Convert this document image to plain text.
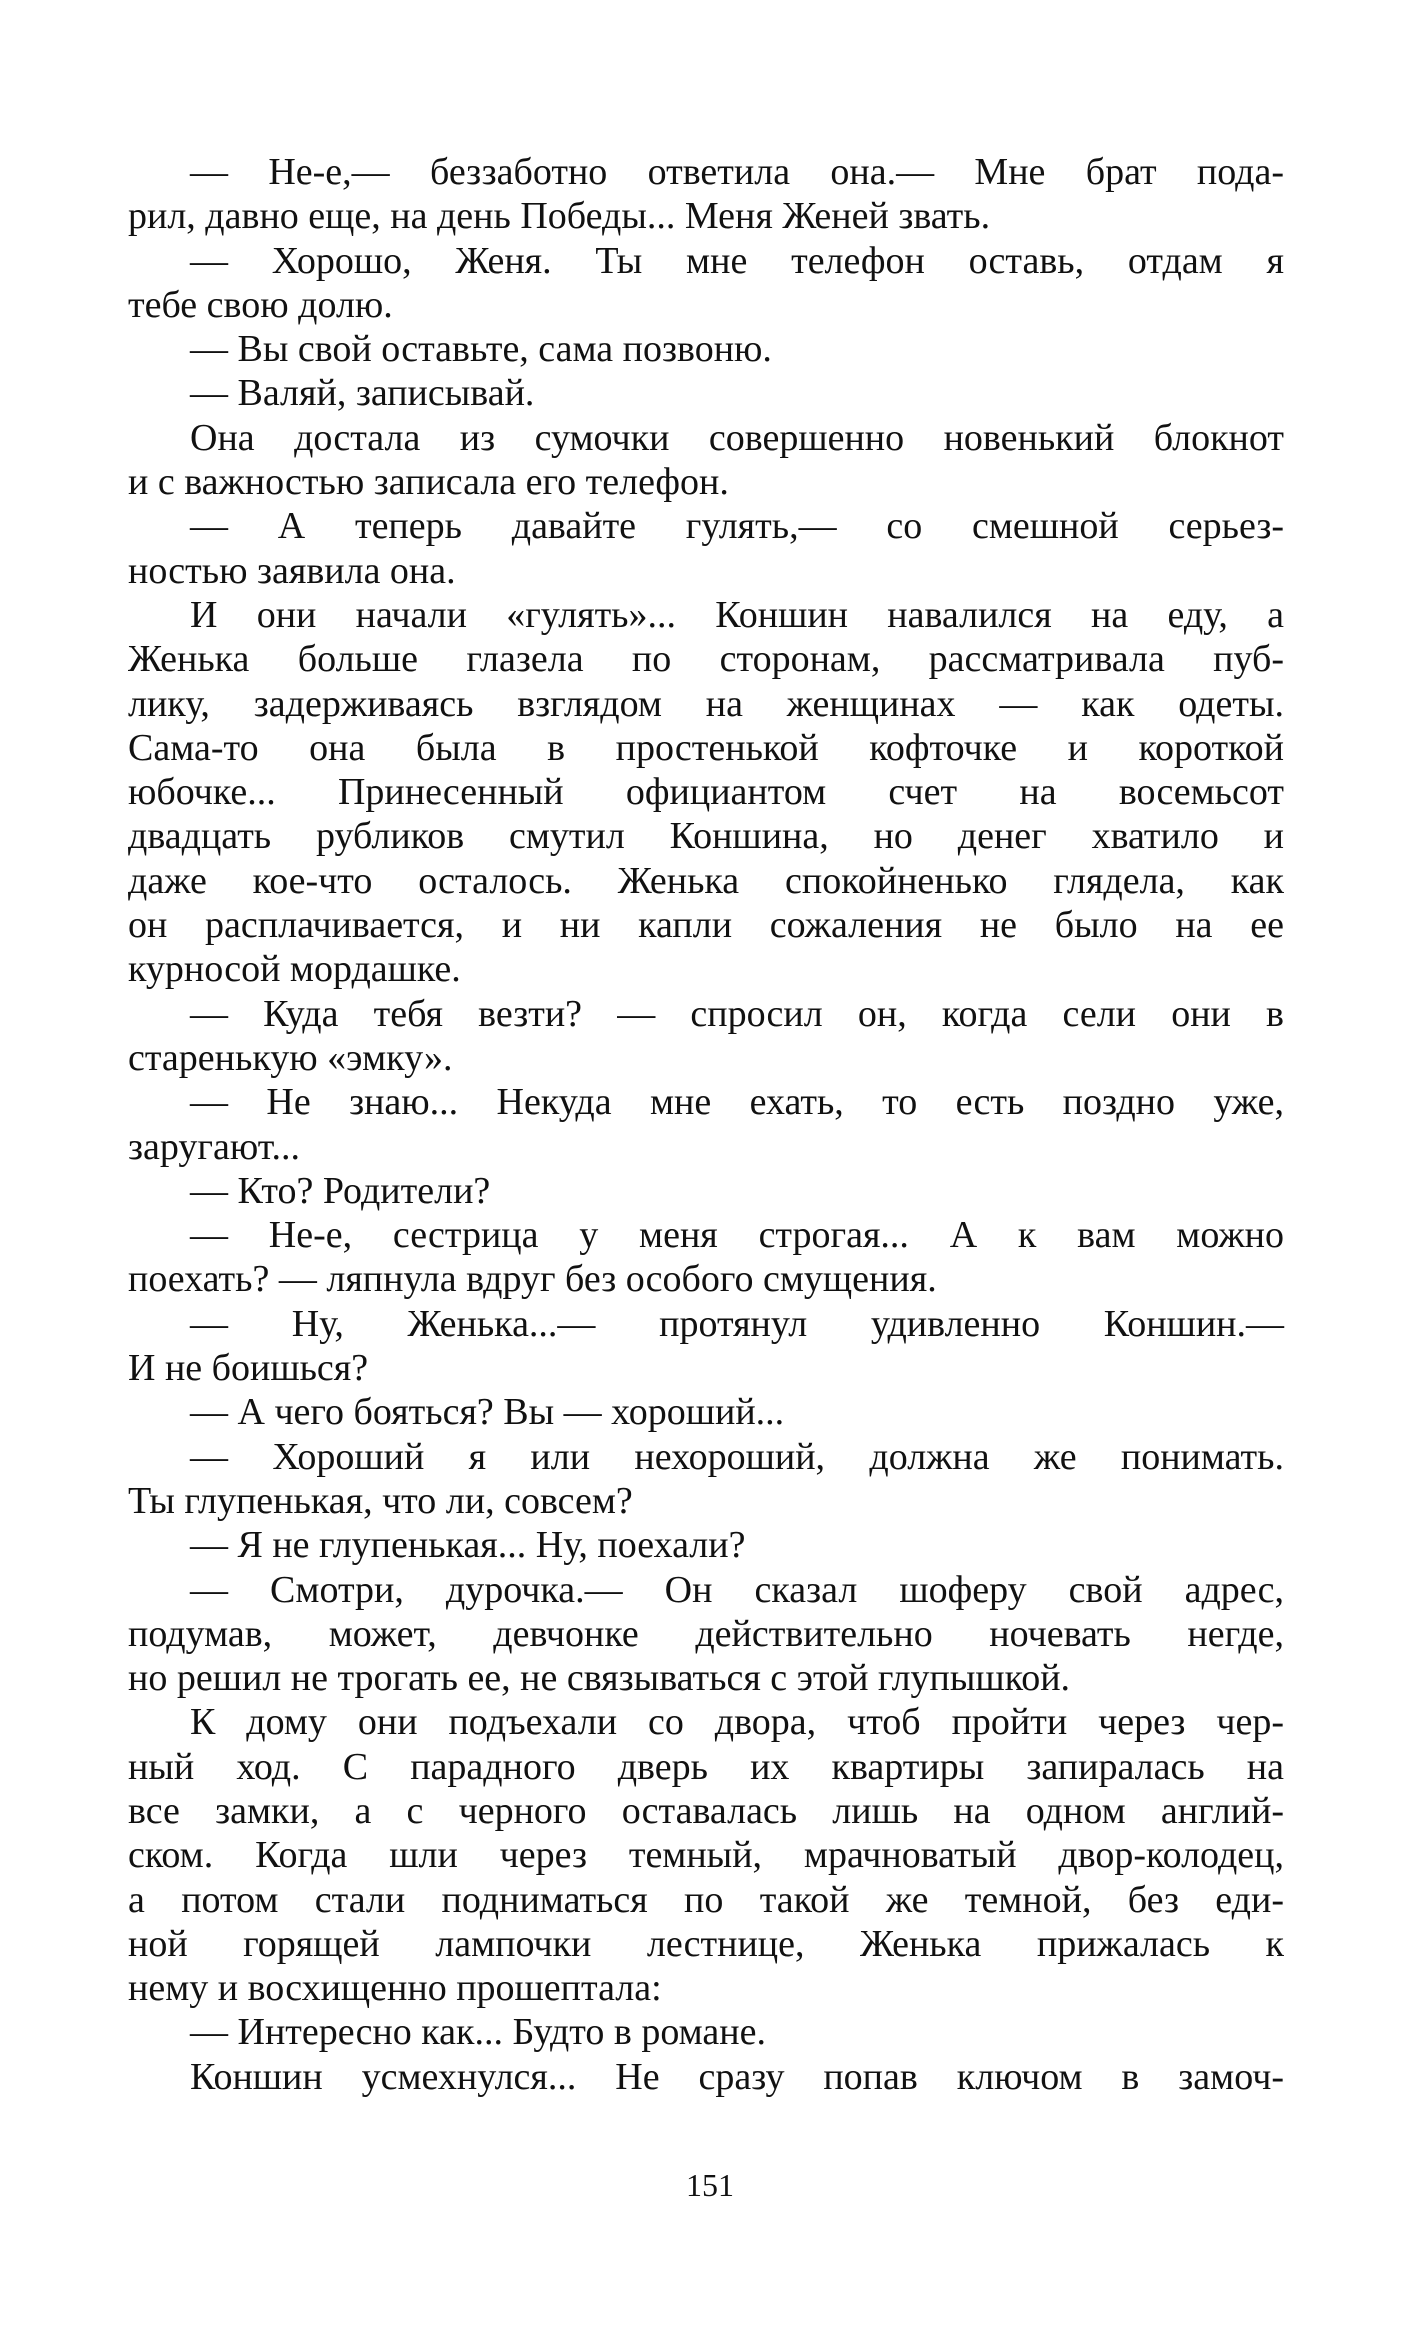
— Не-е,— беззаботно ответила она.— Мне брат пода-
рил, давно еще, на день Победы... Меня Женей звать.
— Хорошо, Женя. Ты мне телефон оставь, отдам я
тебе свою долю.
— Вы свой оставьте, сама позвоню.
— Валяй, записывай.
Она достала из сумочки совершенно новенький блокнот
и с важностью записала его телефон.
— А теперь давайте гулять,— со смешной серьез-
ностью заявила она.
И они начали «гулять»... Коншин навалился на еду, а
Женька больше глазела по сторонам, рассматривала пуб-
лику, задерживаясь взглядом на женщинах — как одеты.
Сама-то она была в простенькой кофточке и короткой
юбочке... Принесенный официантом счет на восемьсот
двадцать рубликов смутил Коншина, но денег хватило и
даже кое-что осталось. Женька спокойненько глядела, как
он расплачивается, и ни капли сожаления не было на ее
курносой мордашке.
— Куда тебя везти? — спросил он, когда сели они в
старенькую «эмку».
— Не знаю... Некуда мне ехать, то есть поздно уже,
заругают...
— Кто? Родители?
— Не-е, сестрица у меня строгая... А к вам можно
поехать? — ляпнула вдруг без особого смущения.
— Ну, Женька...— протянул удивленно Коншин.—
И не боишься?
— А чего бояться? Вы — хороший...
— Хороший я или нехороший, должна же понимать.
Ты глупенькая, что ли, совсем?
— Я не глупенькая... Ну, поехали?
— Смотри, дурочка.— Он сказал шоферу свой адрес,
подумав, может, девчонке действительно ночевать негде,
но решил не трогать ее, не связываться с этой глупышкой.
К дому они подъехали со двора, чтоб пройти через чер-
ный ход. С парадного дверь их квартиры запиралась на
все замки, а с черного оставалась лишь на одном англий-
ском. Когда шли через темный, мрачноватый двор-колодец,
а потом стали подниматься по такой же темной, без еди-
ной горящей лампочки лестнице, Женька прижалась к
нему и восхищенно прошептала:
— Интересно как... Будто в романе.
Коншин усмехнулся... Не сразу попав ключом в замоч-
151
